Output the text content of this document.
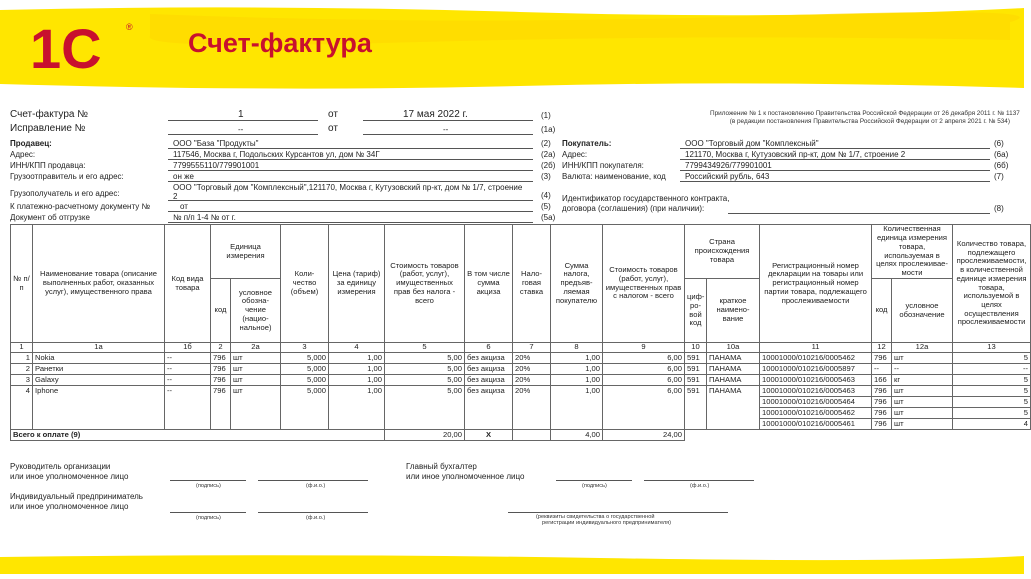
1С	®
Счет-фактура
Приложение № 1 к постановлению Правительства Российской Федерации от 26 декабря 2011 г. № 1137
(в редакции постановления Правительства Российской Федерации от 2 апреля 2021 г. № 534)
Счет-фактура №	1	от	17 мая 2022 г.	(1)
Исправление №	--	от	--	(1а)
Продавец:	ООО "База "Продукты"	(2)
Адрес:	117546, Москва г, Подольских Курсантов ул, дом № 34Г	(2а)
ИНН/КПП продавца:	7799555110/779901001	(2б)
Грузоотправитель и его адрес:	он же	(3)
Грузополучатель и его адрес:
ООО "Торговый дом "Комплексный",121170, Москва г, Кутузовский пр-кт, дом № 1/7, строение
2	(4)
К платежно-расчетному документу №	от	(5)
Документ об отгрузке	№ п/п 1-4 № от г.	(5а)
Покупатель:	ООО "Торговый дом "Комплексный"	(6)
Адрес:	121170, Москва г, Кутузовский пр-кт, дом № 1/7, строение 2	(6а)
ИНН/КПП покупателя:	7799434926/779901001	(6б)
Валюта: наименование, код Российский рубль, 643	(7)
Идентификатор государственного контракта,
договора (соглашения) (при наличии):	(8)
№ п/п	Наименование товара (описание выполненных работ, оказанных услуг), имущественного права	Код вида товара	Единица измерения		Коли-чество (объем)	Цена (тариф) за единицу измерения	Стоимость товаров (работ, услуг), имущественных прав без налога - всего	В том числе сумма акциза	Нало-говая ставка	Сумма налога, предъяв-ляемая покупателю	Стоимость товаров (работ, услуг), имущественных прав с налогом - всего	Страна происхождения товара		Регистрационный номер декларации на товары или регистрационный номер партии товара, подлежащего прослеживаемости	Количественная единица измерения товара, используемая в целях прослеживае-мости		Количество товара, подлежащего прослеживаемости, в количественной единице измерения товара, используемой в целях осуществления прослеживаемости
			код	условное обозна-чение (нацио-нальное)								циф-ро-вой код	краткое наимено-вание		код	условное обозначение	
1	1а	1б	2	2а	3	4	5	6	7	8	9	10	10а	11	12	12а	13
1	Nokia	--	796	шт	5,000	1,00	5,00	без акциза	20%	1,00	6,00	591	ПАНАМА	10001000/010216/0005462	796	шт	5
2	Ранетки	--	796	шт	5,000	1,00	5,00	без акциза	20%	1,00	6,00	591	ПАНАМА	10001000/010216/0005897	--	--	--
3	Galaxy	--	796	шт	5,000	1,00	5,00	без акциза	20%	1,00	6,00	591	ПАНАМА	10001000/010216/0005463	166	кг	5
4	Iphone	--	796	шт	5,000	1,00	5,00	без акциза	20%	1,00	6,00	591	ПАНАМА	10001000/010216/0005463	796	шт	5
														10001000/010216/0005464	796	шт	5
														10001000/010216/0005462	796	шт	5
														10001000/010216/0005461	796	шт	4
Всего к оплате (9)							20,00	X		4,00	24,00						
Руководитель организации
или иное уполномоченное лицо
(подпись)	(ф.и.о.)
Главный бухгалтер
или иное уполномоченное лицо
(подпись)	(ф.и.о.)
Индивидуальный предприниматель
или иное уполномоченное лицо
(подпись)	(ф.и.о.)	(реквизиты свидетельства о государственной
регистрации индивидуального предпринимателя)
